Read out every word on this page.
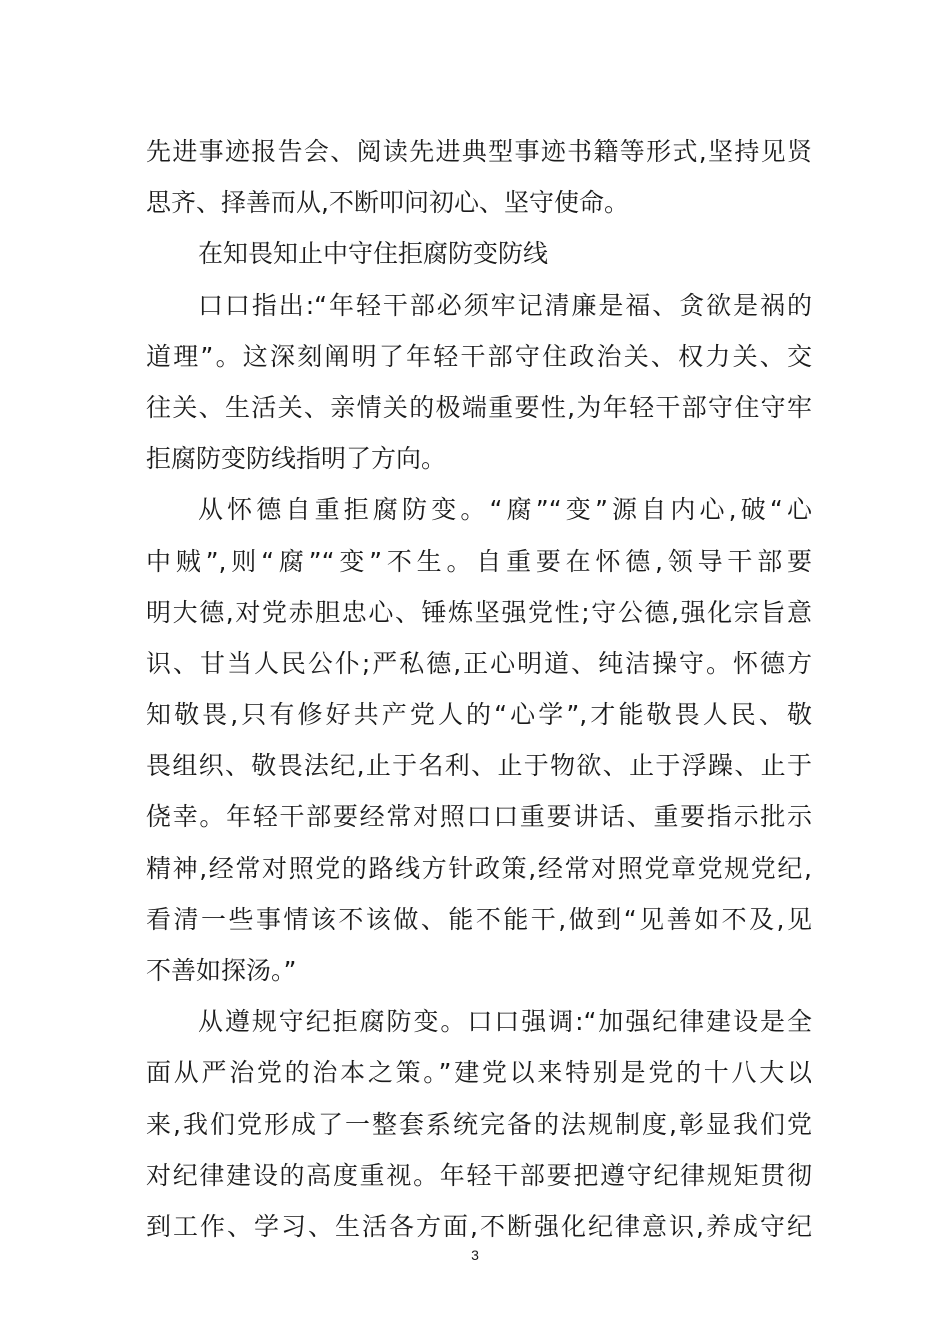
先进事迹报告会、阅读先进典型事迹书籍等形式,坚持见贤
思齐、择善而从,不断叩问初心、坚守使命。
在知畏知止中守住拒腐防变防线
口口指出:“年轻干部必须牢记清廉是福、贪欲是祸的
道理”。这深刻阐明了年轻干部守住政治关、权力关、交
往关、生活关、亲情关的极端重要性,为年轻干部守住守牢
拒腐防变防线指明了方向。
从怀德自重拒腐防变。“腐”“变”源自内心,破“心
中贼”,则“腐”“变”不生。自重要在怀德,领导干部要
明大德,对党赤胆忠心、锤炼坚强党性;守公德,强化宗旨意
识、甘当人民公仆;严私德,正心明道、纯洁操守。怀德方
知敬畏,只有修好共产党人的“心学”,才能敬畏人民、敬
畏组织、敬畏法纪,止于名利、止于物欲、止于浮躁、止于
侥幸。年轻干部要经常对照口口重要讲话、重要指示批示
精神,经常对照党的路线方针政策,经常对照党章党规党纪,
看清一些事情该不该做、能不能干,做到“见善如不及,见
不善如探汤。”
从遵规守纪拒腐防变。口口强调:“加强纪律建设是全
面从严治党的治本之策。”建党以来特别是党的十八大以
来,我们党形成了一整套系统完备的法规制度,彰显我们党
对纪律建设的高度重视。年轻干部要把遵守纪律规矩贯彻
到工作、学习、生活各方面,不断强化纪律意识,养成守纪
3
